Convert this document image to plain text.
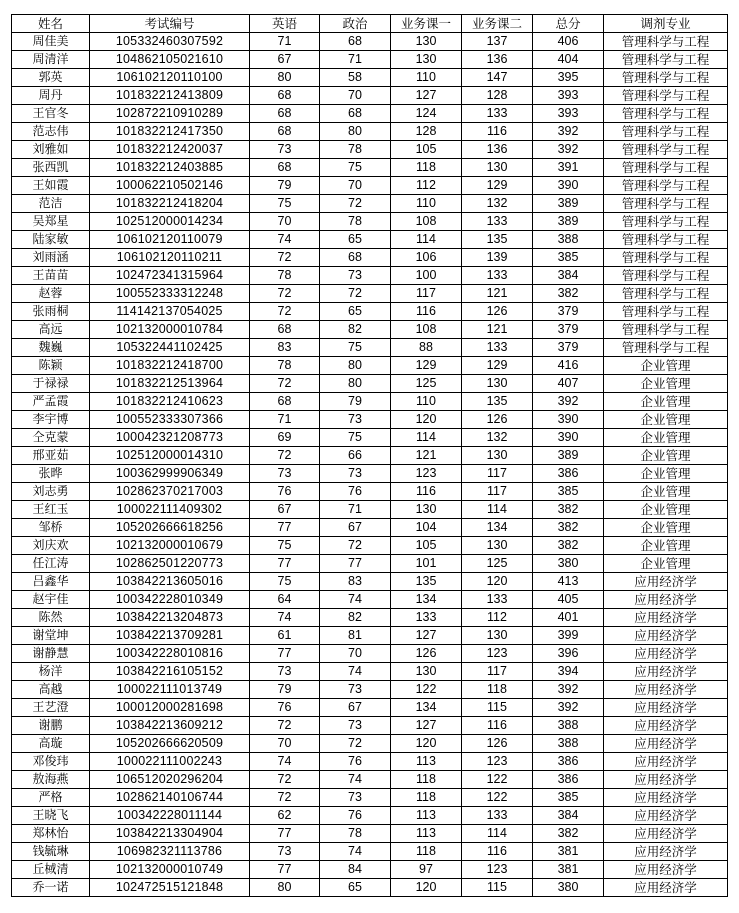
姓名	考试编号	英语	政治	业务课一	业务课二	总分	调剂专业
周佳美	105332460307592	71	68	130	137	406	管理科学与工程
周清洋	104862105021610	67	71	130	136	404	管理科学与工程
郭英	106102120110100	80	58	110	147	395	管理科学与工程
周丹	101832212413809	68	70	127	128	393	管理科学与工程
王官冬	102872210910289	68	68	124	133	393	管理科学与工程
范志伟	101832212417350	68	80	128	116	392	管理科学与工程
刘雅如	101832212420037	73	78	105	136	392	管理科学与工程
张西凯	101832212403885	68	75	118	130	391	管理科学与工程
王如霞	100062210502146	79	70	112	129	390	管理科学与工程
范洁	101832212418204	75	72	110	132	389	管理科学与工程
吴郑星	102512000014234	70	78	108	133	389	管理科学与工程
陆家敏	106102120110079	74	65	114	135	388	管理科学与工程
刘雨涵	106102120110211	72	68	106	139	385	管理科学与工程
王苗苗	102472341315964	78	73	100	133	384	管理科学与工程
赵蓉	100552333312248	72	72	117	121	382	管理科学与工程
张雨桐	114142137054025	72	65	116	126	379	管理科学与工程
高远	102132000010784	68	82	108	121	379	管理科学与工程
魏巍	105322441102425	83	75	88	133	379	管理科学与工程
陈颖	101832212418700	78	80	129	129	416	企业管理
于禄禄	101832212513964	72	80	125	130	407	企业管理
严孟霞	101832212410623	68	79	110	135	392	企业管理
李宇博	100552333307366	71	73	120	126	390	企业管理
仝克蒙	100042321208773	69	75	114	132	390	企业管理
邢亚茹	102512000014310	72	66	121	130	389	企业管理
张晔	100362999906349	73	73	123	117	386	企业管理
刘志勇	102862370217003	76	76	116	117	385	企业管理
王红玉	100022111409302	67	71	130	114	382	企业管理
邹桥	105202666618256	77	67	104	134	382	企业管理
刘庆欢	102132000010679	75	72	105	130	382	企业管理
任江涛	102862501220773	77	77	101	125	380	企业管理
吕鑫华	103842213605016	75	83	135	120	413	应用经济学
赵宇佳	100342228010349	64	74	134	133	405	应用经济学
陈然	103842213204873	74	82	133	112	401	应用经济学
谢堂坤	103842213709281	61	81	127	130	399	应用经济学
谢静慧	100342228010816	77	70	126	123	396	应用经济学
杨洋	103842216105152	73	74	130	117	394	应用经济学
高越	100022111013749	79	73	122	118	392	应用经济学
王艺澄	100012000281698	76	67	134	115	392	应用经济学
谢鹏	103842213609212	72	73	127	116	388	应用经济学
高璇	105202666620509	70	72	120	126	388	应用经济学
邓俊玮	100022111002243	74	76	113	123	386	应用经济学
敖海燕	106512020296204	72	74	118	122	386	应用经济学
严格	102862140106744	72	73	118	122	385	应用经济学
王晓飞	100342228011144	62	76	113	133	384	应用经济学
郑林怡	103842213304904	77	78	113	114	382	应用经济学
钱毓琳	106982321113786	73	74	118	116	381	应用经济学
丘棫清	102132000010749	77	84	97	123	381	应用经济学
乔一诺	102472515121848	80	65	120	115	380	应用经济学
